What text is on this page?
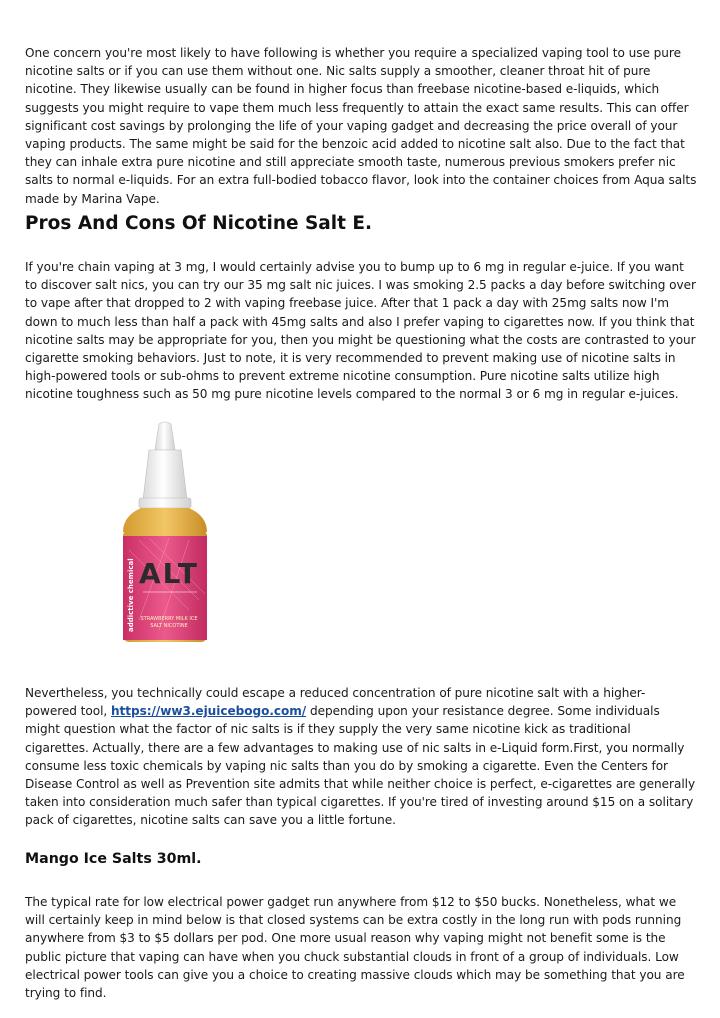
One concern you're most likely to have following is whether you require a specialized vaping tool to use pure nicotine salts or if you can use them without one. Nic salts supply a smoother, cleaner throat hit of pure nicotine. They likewise usually can be found in higher focus than freebase nicotine-based e-liquids, which suggests you might require to vape them much less frequently to attain the exact same results. This can offer significant cost savings by prolonging the life of your vaping gadget and decreasing the price overall of your vaping products. The same might be said for the benzoic acid added to nicotine salt also. Due to the fact that they can inhale extra pure nicotine and still appreciate smooth taste, numerous previous smokers prefer nic salts to normal e-liquids. For an extra full-bodied tobacco flavor, look into the container choices from Aqua salts made by Marina Vape.

Pros And Cons Of Nicotine Salt E.

If you're chain vaping at 3 mg, I would certainly advise you to bump up to 6 mg in regular e-juice. If you want to discover salt nics, you can try our 35 mg salt nic juices. I was smoking 2.5 packs a day before switching over to vape after that dropped to 2 with vaping freebase juice. After that 1 pack a day with 25mg salts now I'm down to much less than half a pack with 45mg salts and also I prefer vaping to cigarettes now. If you think that nicotine salts may be appropriate for you, then you might be questioning what the costs are contrasted to your cigarette smoking behaviors. Just to note, it is very recommended to prevent making use of nicotine salts in high-powered tools or sub-ohms to prevent extreme nicotine consumption. Pure nicotine salts utilize high nicotine toughness such as 50 mg pure nicotine levels compared to the normal 3 or 6 mg in regular e-juices.

addictive chemical ALT
STRAWBERRY MILK ICE
SALT NICOTINE

Nevertheless, you technically could escape a reduced concentration of pure nicotine salt with a higher-powered tool, https://ww3.ejuicebogo.com/ depending upon your resistance degree. Some individuals might question what the factor of nic salts is if they supply the very same nicotine kick as traditional cigarettes. Actually, there are a few advantages to making use of nic salts in e-Liquid form.First, you normally consume less toxic chemicals by vaping nic salts than you do by smoking a cigarette. Even the Centers for Disease Control as well as Prevention site admits that while neither choice is perfect, e-cigarettes are generally taken into consideration much safer than typical cigarettes. If you're tired of investing around $15 on a solitary pack of cigarettes, nicotine salts can save you a little fortune.

Mango Ice Salts 30ml.

The typical rate for low electrical power gadget run anywhere from $12 to $50 bucks. Nonetheless, what we will certainly keep in mind below is that closed systems can be extra costly in the long run with pods running anywhere from $3 to $5 dollars per pod. One more usual reason why vaping might not benefit some is the public picture that vaping can have when you chuck substantial clouds in front of a group of individuals. Low electrical power tools can give you a choice to creating massive clouds which may be something that you are trying to find.
